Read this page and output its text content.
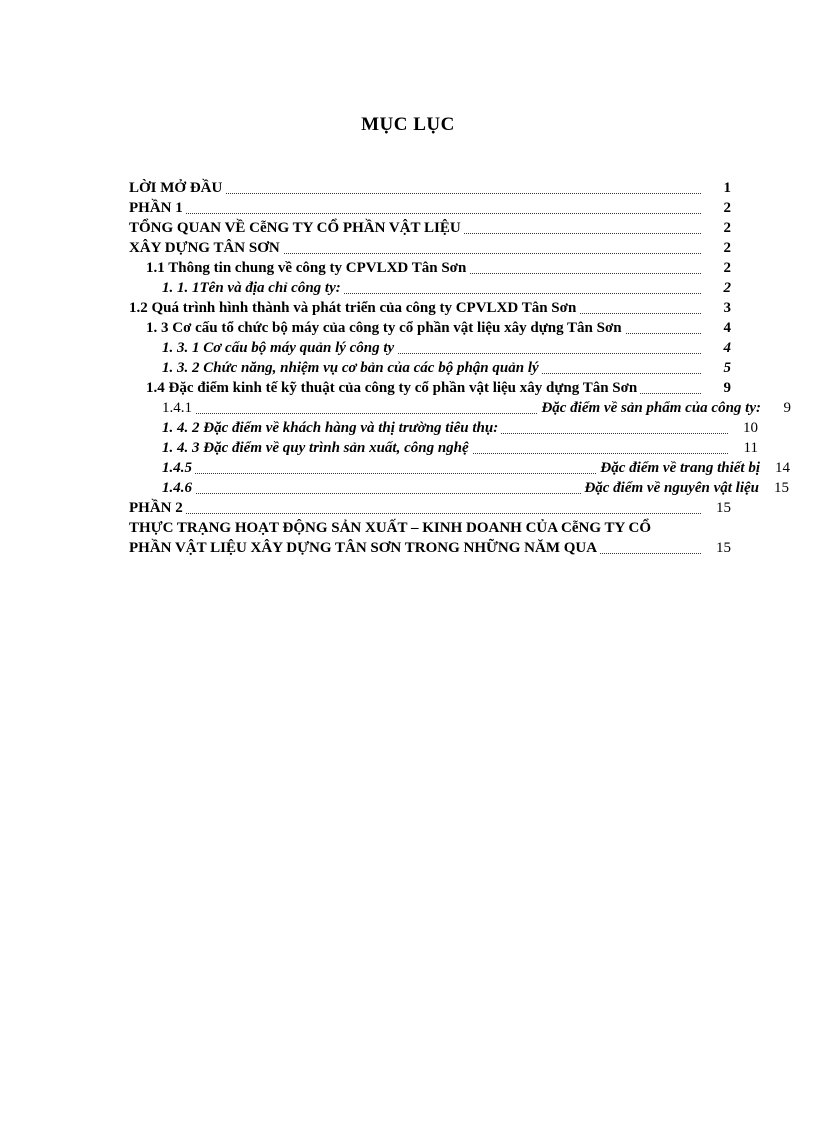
MỤC LỤC
LỜI MỞ ĐẦU	1
PHẦN 1	2
TỔNG QUAN VỀ CễNG TY CỔ PHẦN VẬT LIỆU	2
XÂY DỰNG TÂN SƠN	2
1.1 Thông tin chung về công ty CPVLXD Tân Sơn	2
1. 1. 1Tên và địa chỉ công ty:	2
1.2 Quá trình hình thành và phát triển của công ty CPVLXD Tân Sơn	3
1. 3 Cơ cấu tổ chức bộ máy của công ty cổ phần vật liệu xây dựng Tân Sơn	4
1. 3. 1 Cơ cấu bộ máy quản lý công ty	4
1. 3. 2 Chức năng, nhiệm vụ cơ bản của các bộ phận quản lý	5
1.4 Đặc điểm kinh tế kỹ thuật của công ty cổ phần vật liệu xây dựng Tân Sơn	9
1.4.1	Đặc điểm về sản phẩm của công ty:	9
1. 4. 2 Đặc điểm về khách hàng và thị trường tiêu thụ:	10
1. 4. 3 Đặc điểm về quy trình sản xuất, công nghệ	11
1.4.5	Đặc điểm về trang thiết bị	14
1.4.6	Đặc điểm về nguyên vật liệu	15
PHẦN 2	15
THỰC TRẠNG HOẠT ĐỘNG SẢN XUẤT – KINH DOANH CỦA CễNG TY CỔ
PHẦN VẬT LIỆU XÂY DỰNG TÂN SƠN TRONG NHỮNG NĂM QUA	15
